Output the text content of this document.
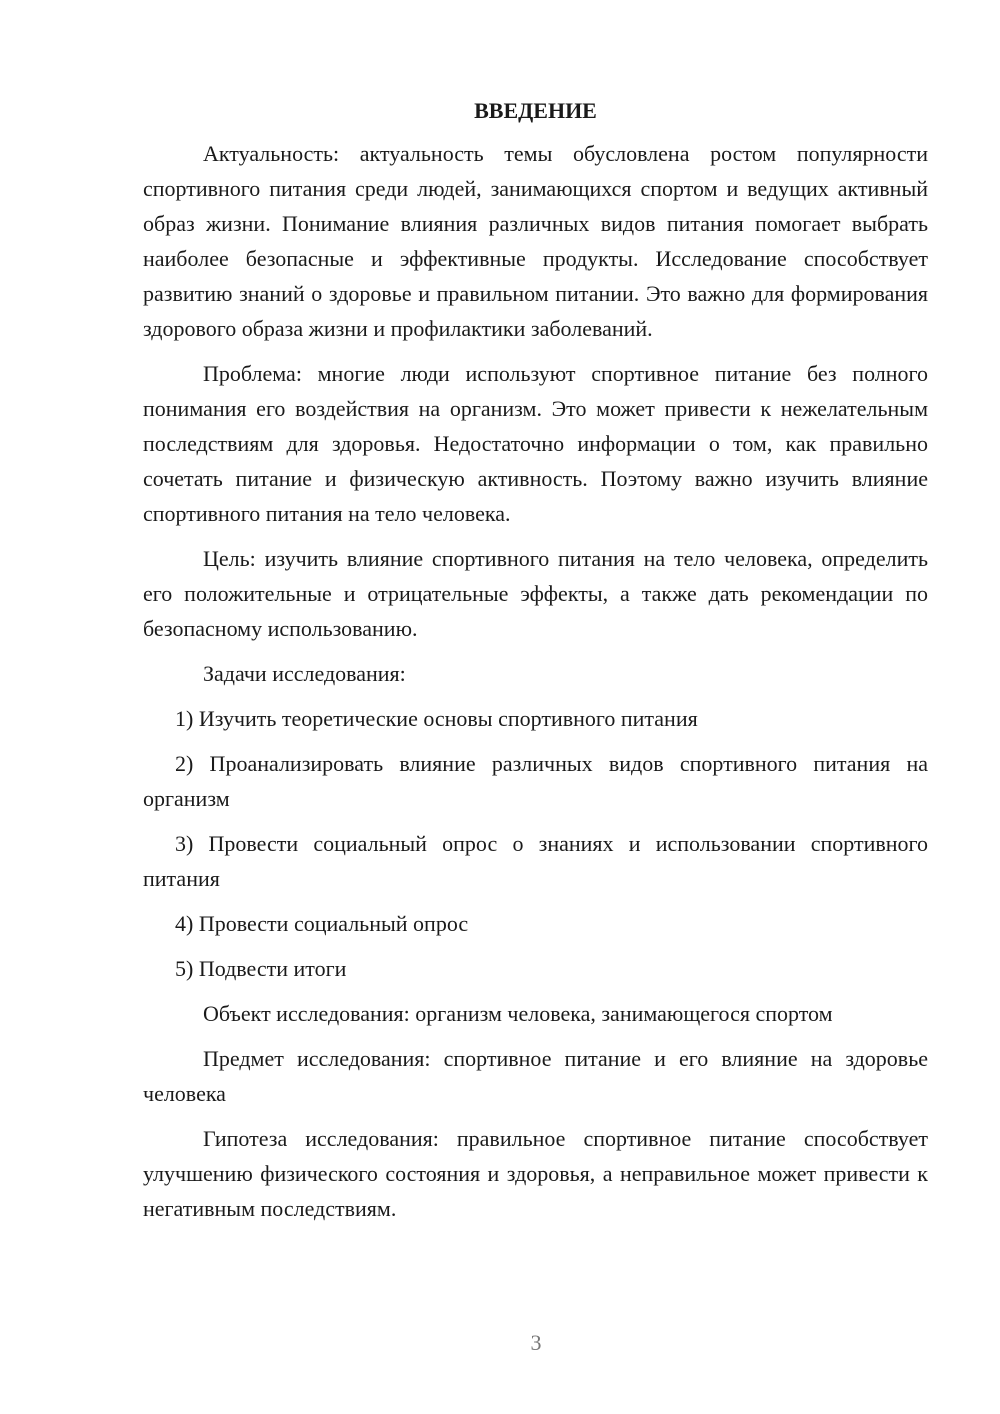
ВВЕДЕНИЕ

Актуальность: актуальность темы обусловлена ростом популярности спортивного питания среди людей, занимающихся спортом и ведущих активный образ жизни. Понимание влияния различных видов питания помогает выбрать наиболее безопасные и эффективные продукты. Исследование способствует развитию знаний о здоровье и правильном питании. Это важно для формирования здорового образа жизни и профилактики заболеваний.

Проблема: многие люди используют спортивное питание без полного понимания его воздействия на организм. Это может привести к нежелательным последствиям для здоровья. Недостаточно информации о том, как правильно сочетать питание и физическую активность. Поэтому важно изучить влияние спортивного питания на тело человека.

Цель: изучить влияние спортивного питания на тело человека, определить его положительные и отрицательные эффекты, а также дать рекомендации по безопасному использованию.

Задачи исследования:

1) Изучить теоретические основы спортивного питания

2) Проанализировать влияние различных видов спортивного питания на организм

3) Провести социальный опрос о знаниях и использовании спортивного питания

4) Провести социальный опрос

5) Подвести итоги

Объект исследования: организм человека, занимающегося спортом

Предмет исследования: спортивное питание и его влияние на здоровье человека

Гипотеза исследования: правильное спортивное питание способствует улучшению физического состояния и здоровья, а неправильное может привести к негативным последствиям.

3
